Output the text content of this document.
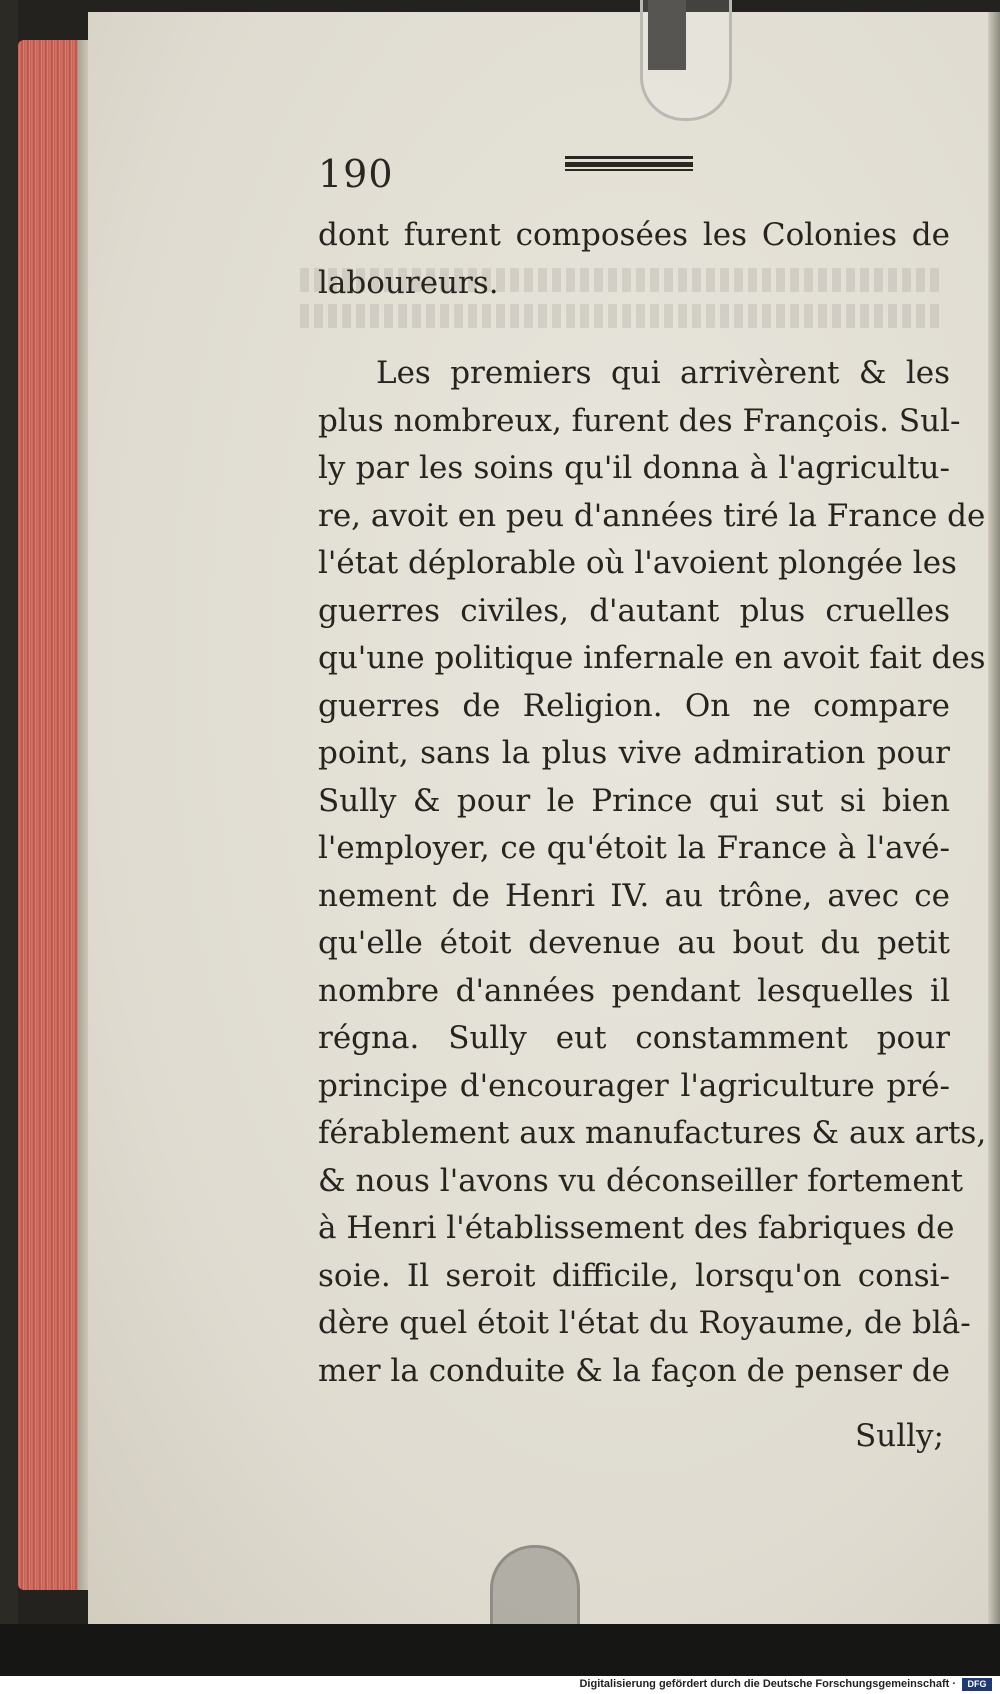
190
dont furent composées les Colonies de
laboureurs.
Les premiers qui arrivèrent & les
plus nombreux, furent des François. Sul-
ly par les soins qu'il donna à l'agricultu-
re, avoit en peu d'années tiré la France de
l'état déplorable où l'avoient plongée les
guerres civiles, d'autant plus cruelles
qu'une politique infernale en avoit fait des
guerres de Religion. On ne compare
point, sans la plus vive admiration pour
Sully & pour le Prince qui sut si bien
l'employer, ce qu'étoit la France à l'avé-
nement de Henri IV. au trône, avec ce
qu'elle étoit devenue au bout du petit
nombre d'années pendant lesquelles il
régna. Sully eut constamment pour
principe d'encourager l'agriculture pré-
férablement aux manufactures & aux arts,
& nous l'avons vu déconseiller fortement
à Henri l'établissement des fabriques de
soie. Il seroit difficile, lorsqu'on consi-
dère quel étoit l'état du Royaume, de blâ-
mer la conduite & la façon de penser de
Sully;
Digitalisierung gefördert durch die Deutsche Forschungsgemeinschaft ·	DFG
